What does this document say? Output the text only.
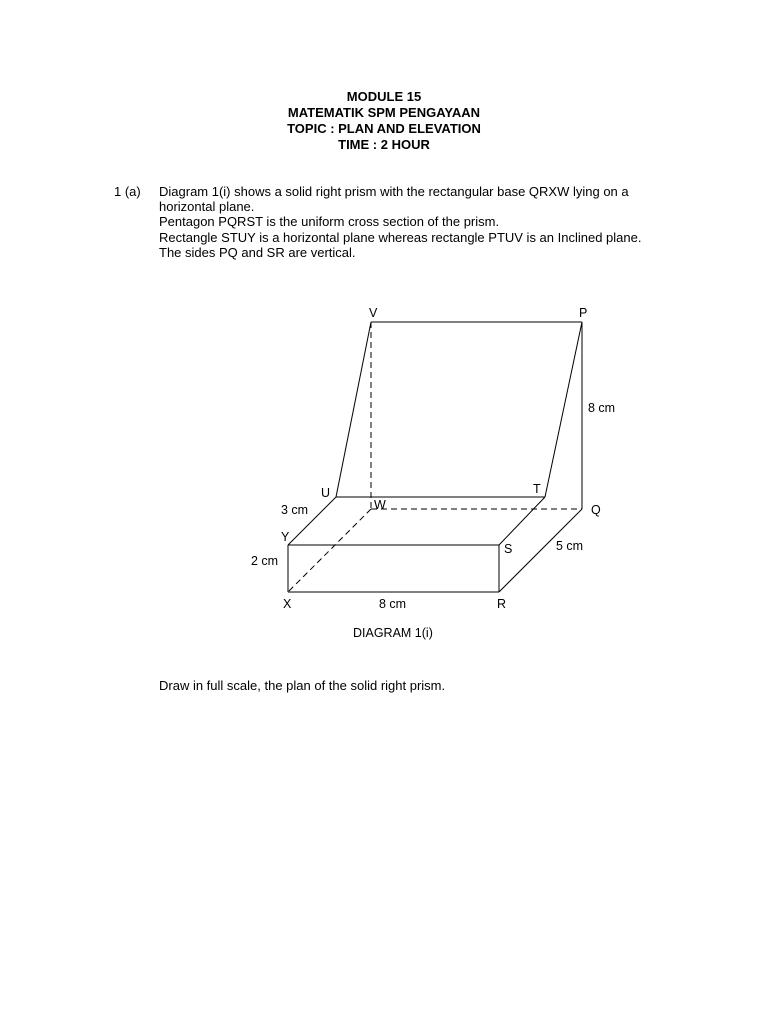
MODULE 15
MATEMATIK SPM PENGAYAAN
TOPIC : PLAN AND ELEVATION
TIME : 2 HOUR
1 (a) Diagram 1(i) shows a solid right prism with the rectangular base QRXW lying on a horizontal plane.

Pentagon PQRST is the uniform cross section of the prism.

Rectangle STUY is a horizontal plane whereas rectangle PTUV is an Inclined plane.

The sides PQ and SR are vertical.

V	P
U
W
T
Q
Y
S
X	R
8 cm
3 cm
2 cm
8 cm
5 cm
DIAGRAM 1(i)
Draw in full scale, the plan of the solid right prism.
